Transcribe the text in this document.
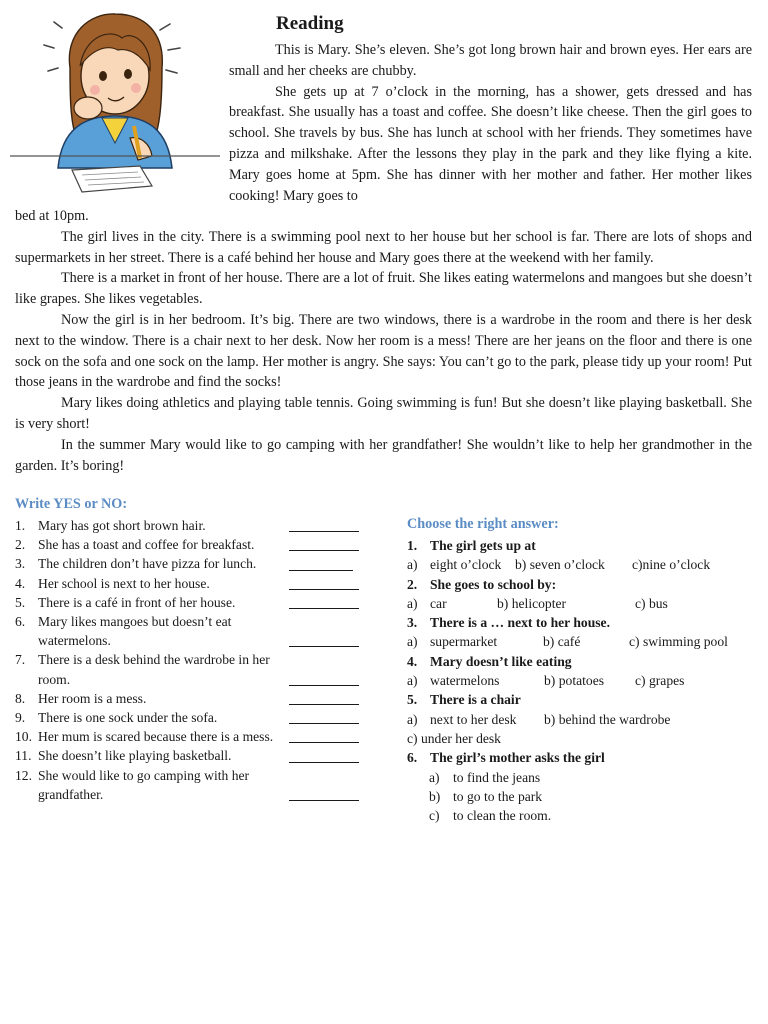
Reading

This is Mary. She’s eleven. She’s got long brown hair and brown eyes. Her ears are small and her cheeks are chubby.

She gets up at 7 o’clock in the morning, has a shower, gets dressed and has breakfast. She usually has a toast and coffee. She doesn’t like cheese. Then the girl goes to school. She travels by bus. She has lunch at school with her friends. They sometimes have pizza and milkshake. After the lessons they play in the park and they like flying a kite. Mary goes home at 5pm. She has dinner with her mother and father. Her mother likes cooking! Mary goes to

bed at 10pm.

The girl lives in the city. There is a swimming pool next to her house but her school is far. There are lots of shops and supermarkets in her street. There is a café behind her house and Mary goes there at the weekend with her family.

There is a market in front of her house. There are a lot of fruit. She likes eating watermelons and mangoes but she doesn’t like grapes. She likes vegetables.

Now the girl is in her bedroom. It’s big. There are two windows, there is a wardrobe in the room and there is her desk next to the window. There is a chair next to her desk. Now her room is a mess! There are her jeans on the floor and there is one sock on the sofa and one sock on the lamp. Her mother is angry. She says: You can’t go to the park, please tidy up your room! Put those jeans in the wardrobe and find the socks!

Mary likes doing athletics and playing table tennis. Going swimming is fun! But she doesn’t like playing basketball. She is very short!

In the summer Mary would like to go camping with her grandfather! She wouldn’t like to help her grandmother in the garden. It’s boring!

Write YES or NO:
1. Mary has got short brown hair.
2. She has a toast and coffee for breakfast.
3. The children don’t have pizza for lunch.
4. Her school is next to her house.
5. There is a café in front of her house.
6. Mary likes mangoes but doesn’t eat watermelons.
7. There is a desk behind the wardrobe in her room.
8. Her room is a mess.
9. There is one sock under the sofa.
10. Her mum is scared because there is a mess.
11. She doesn’t like playing basketball.
12. She would like to go camping with her grandfather.
Choose the right answer:
1. The girl gets up at
a) eight o’clock b) seven o’clock c)nine o’clock
2. She goes to school by:
a) car	b) helicopter	c) bus
3. There is a … next to her house.
a) supermarket	b) café	c) swimming pool
4. Mary doesn’t like eating
a) watermelons	b) potatoes c) grapes
5. There is a chair
a) next to her desk b) behind the wardrobe
c) under her desk
6. The girl’s mother asks the girl
a) to find the jeans
b) to go to the park
c) to clean the room.
